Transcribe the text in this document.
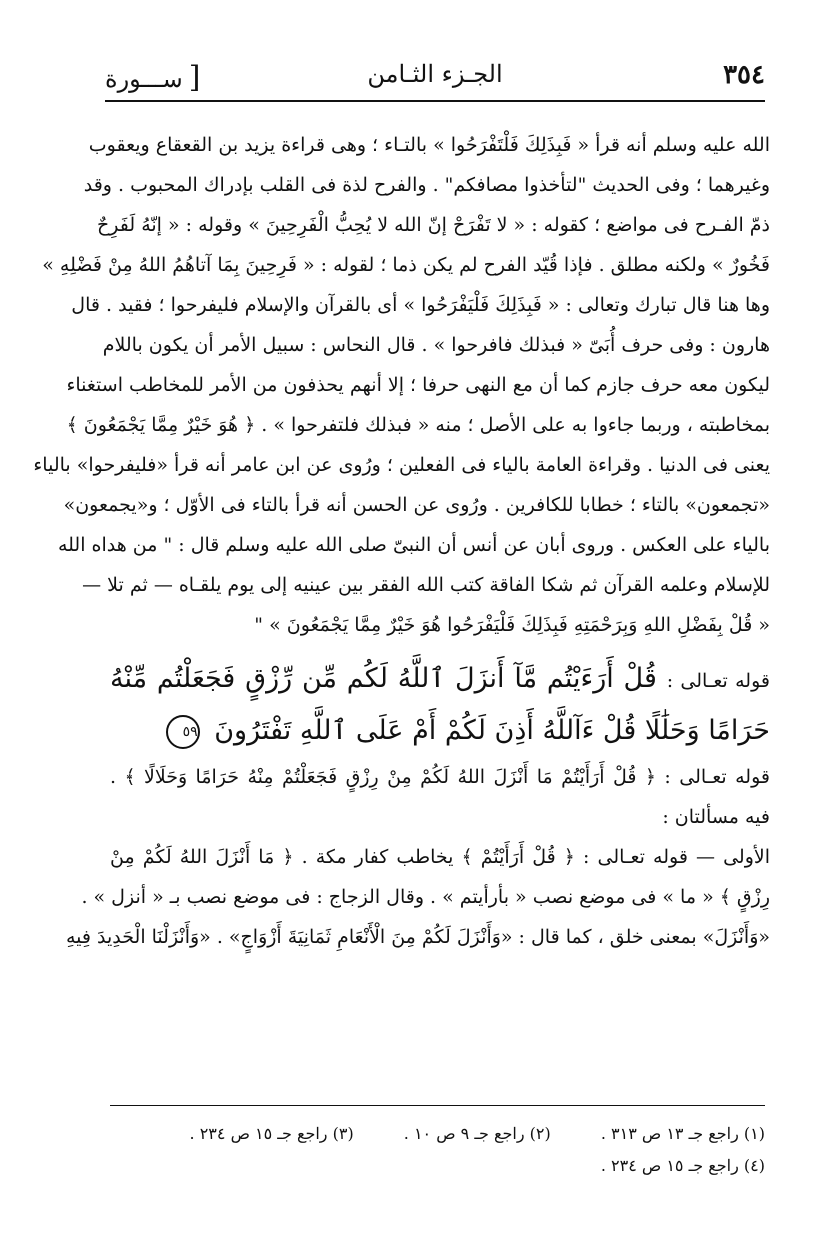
٣٥٤
الجـزء الثـامن
[ســـورة
الله عليه وسلم أنه قرأ « فَبِذَلِكَ فَلْتَفْرَحُوا » بالتـاء ؛ وهى قراءة يزيد بن القعقاع ويعقوب
وغيرهما ؛ وفى الحديث "لتأخذوا مصافكم" . والفرح لذة فى القلب بإدراك المحبوب . وقد
ذمّ الفـرح فى مواضع ؛ كقوله : « لا تَفْرَحْ إنّ الله لا يُحِبُّ الْفَرِحِينَ » وقوله : « إنّهُ لَفَرِحٌ
فَخُورٌ » ولكنه مطلق . فإذا قُيّد الفرح لم يكن ذما ؛ لقوله : « فَرِحِينَ بِمَا آتاهُمُ اللهُ مِنْ فَضْلِهِ »
وها هنا قال تبارك وتعالى : « فَبِذَلِكَ فَلْيَفْرَحُوا » أى بالقرآن والإسلام فليفرحوا ؛ فقيد . قال
هارون : وفى حرف أُبَىّ « فبذلك فافرحوا » . قال النحاس : سبيل الأمر أن يكون باللام
ليكون معه حرف جازم كما أن مع النهى حرفا ؛ إلا أنهم يحذفون من الأمر للمخاطب استغناء
بمخاطبته ، وربما جاءوا به على الأصل ؛ منه « فبذلك فلتفرحوا » . ﴿ هُوَ خَيْرٌ مِمَّا يَجْمَعُونَ ﴾
يعنى فى الدنيا . وقراءة العامة بالياء فى الفعلين ؛ ورُوى عن ابن عامر أنه قرأ «فليفرحوا» بالياء
«تجمعون» بالتاء ؛ خطابا للكافرين . ورُوى عن الحسن أنه قرأ بالتاء فى الأوّل ؛ و«يجمعون»
بالياء على العكس . وروى أبان عن أنس أن النبىّ صلى الله عليه وسلم قال : " من هداه الله
للإسلام وعلمه القرآن ثم شكا الفاقة كتب الله الفقر بين عينيه إلى يوم يلقـاه — ثم تلا —
« قُلْ بِفَضْلِ اللهِ وَبِرَحْمَتِهِ فَبِذَلِكَ فَلْيَفْرَحُوا هُوَ خَيْرٌ مِمَّا يَجْمَعُونَ » "
قوله تعـالى : قُلْ أَرَءَيْتُم مَّآ أَنزَلَ ٱللَّهُ لَكُم مِّن رِّزْقٍ فَجَعَلْتُم مِّنْهُ
حَرَامًا وَحَلَٰلًا قُلْ ءَآللَّهُ أَذِنَ لَكُمْ أَمْ عَلَى ٱللَّهِ تَفْتَرُونَ ٥٩
قوله تعـالى : ﴿ قُلْ أَرَأَيْتُمْ مَا أَنْزَلَ اللهُ لَكُمْ مِنْ رِزْقٍ فَجَعَلْتُمْ مِنْهُ حَرَامًا وَحَلَالًا ﴾ .
فيه مسألتان :
الأولى — قوله تعـالى : ﴿ قُلْ أَرَأَيْتُمْ ﴾ يخاطب كفار مكة . ﴿ مَا أَنْزَلَ اللهُ لَكُمْ مِنْ
رِزْقٍ ﴾ « ما » فى موضع نصب « بأرأيتم » . وقال الزجاج : فى موضع نصب بـ « أنزل » .
«وَأَنْزَلَ» بمعنى خلق ، كما قال : «وَأَنْزَلَ لَكُمْ مِنَ الْأَنْعَامِ ثَمَانِيَةَ أَزْوَاجٍ» . «وَأَنْزَلْنَا الْحَدِيدَ فِيهِ
(١) راجع جـ ١٣ ص ٣١٣ . (٢) راجع جـ ٩ ص ١٠ . (٣) راجع جـ ١٥ ص ٢٣٤ .
(٤) راجع جـ ١٥ ص ٢٣٤ .
